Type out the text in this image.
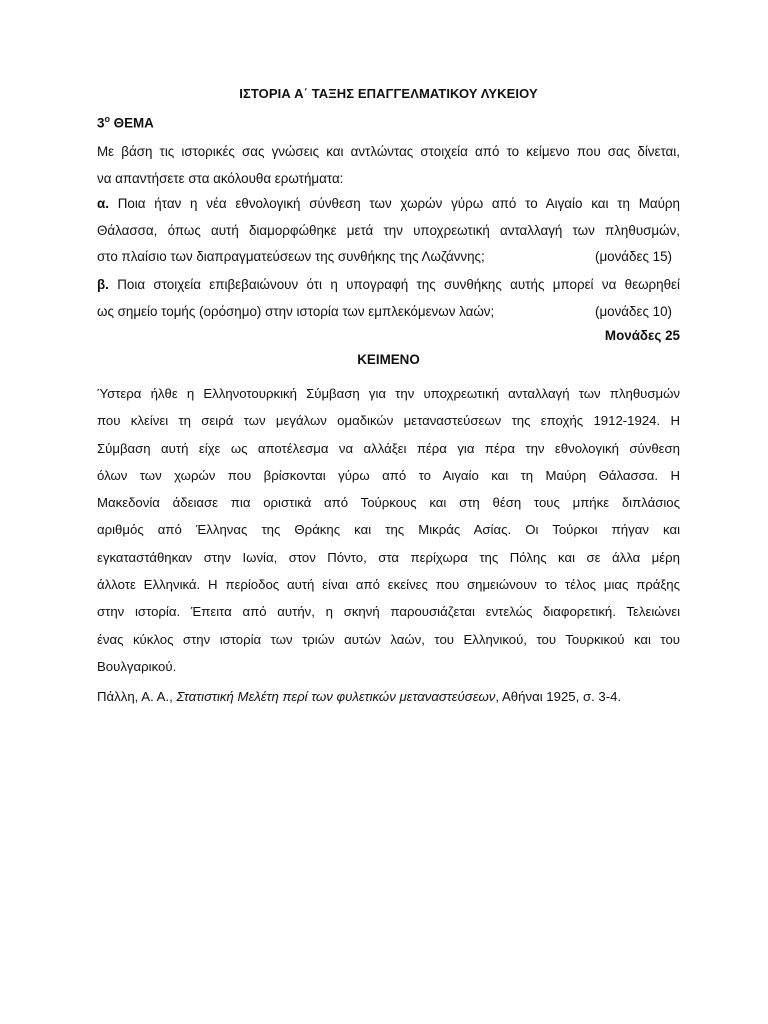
ΙΣΤΟΡΙΑ Α΄ ΤΑΞΗΣ ΕΠΑΓΓΕΛΜΑΤΙΚΟΥ ΛΥΚΕΙΟΥ
$3^o$ ΘΕΜΑ
Με βάση τις ιστορικές σας γνώσεις και αντλώντας στοιχεία από το κείμενο που σας δίνεται,
να απαντήσετε στα ακόλουθα ερωτήματα:
α. Ποια ήταν η νέα εθνολογική σύνθεση των χωρών γύρω από το Αιγαίο και τη Μαύρη
Θάλασσα, όπως αυτή διαμορφώθηκε μετά την υποχρεωτική ανταλλαγή των πληθυσμών,
στο πλαίσιο των διαπραγματεύσεων της συνθήκης της Λωζάννης;	(μονάδες 15)
β. Ποια στοιχεία επιβεβαιώνουν ότι η υπογραφή της συνθήκης αυτής μπορεί να θεωρηθεί
ως σημείο τομής (ορόσημο) στην ιστορία των εμπλεκόμενων λαών;	(μονάδες 10)
Μονάδες 25
ΚΕΙΜΕΝΟ
Ύστερα ήλθε η Ελληνοτουρκική Σύμβαση για την υποχρεωτική ανταλλαγή των πληθυσμών
που κλείνει τη σειρά των μεγάλων ομαδικών μεταναστεύσεων της εποχής 1912-1924. Η
Σύμβαση αυτή είχε ως αποτέλεσμα να αλλάξει πέρα για πέρα την εθνολογική σύνθεση
όλων των χωρών που βρίσκονται γύρω από το Αιγαίο και τη Μαύρη Θάλασσα. Η
Μακεδονία άδειασε πια οριστικά από Τούρκους και στη θέση τους μπήκε διπλάσιος
αριθμός από Έλληνας της Θράκης και της Μικράς Ασίας. Οι Τούρκοι πήγαν και
εγκαταστάθηκαν στην Ιωνία, στον Πόντο, στα περίχωρα της Πόλης και σε άλλα μέρη
άλλοτε Ελληνικά. Η περίοδος αυτή είναι από εκείνες που σημειώνουν το τέλος μιας πράξης
στην ιστορία. Έπειτα από αυτήν, η σκηνή παρουσιάζεται εντελώς διαφορετική. Τελειώνει
ένας κύκλος στην ιστορία των τριών αυτών λαών, του Ελληνικού, του Τουρκικού και του
Βουλγαρικού.
Πάλλη, Α. Α., Στατιστική Μελέτη περί των φυλετικών μεταναστεύσεων, Αθήναι 1925, σ. 3-4.
